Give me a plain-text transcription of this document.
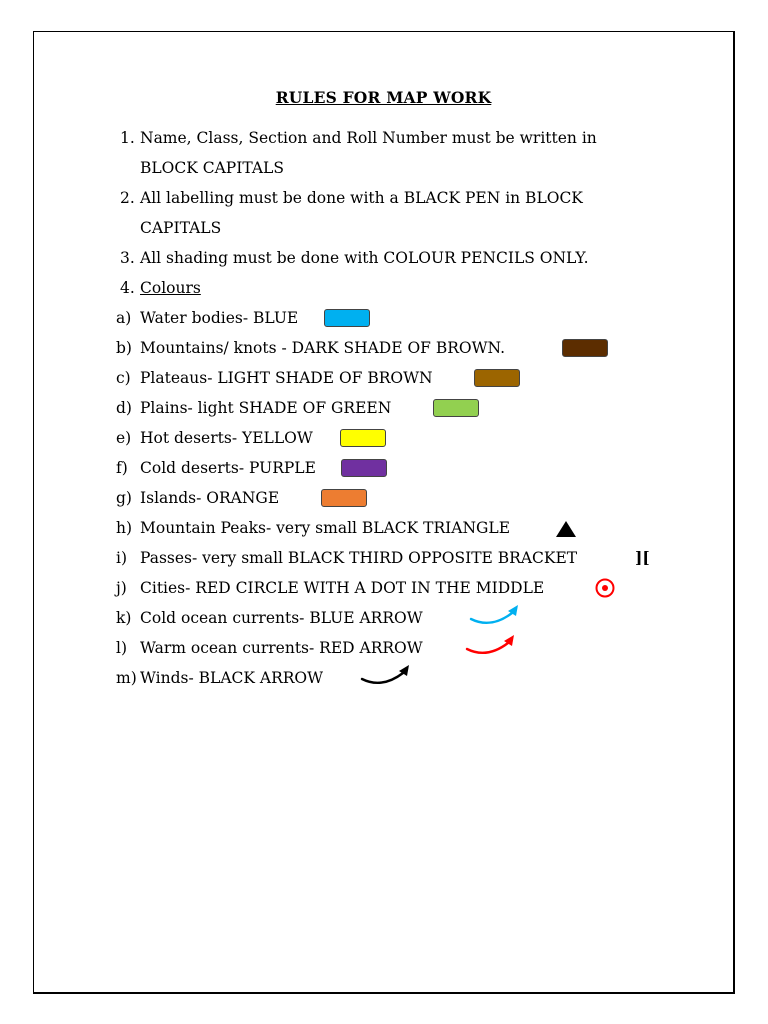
RULES FOR MAP WORK
1. Name, Class, Section and Roll Number must be written in
BLOCK CAPITALS
2. All labelling must be done with a BLACK PEN in BLOCK
CAPITALS
3. All shading must be done with COLOUR PENCILS ONLY.
4. Colours
a) Water bodies- BLUE
b) Mountains/ knots - DARK SHADE OF BROWN.
c) Plateaus- LIGHT SHADE OF BROWN
d) Plains- light SHADE OF GREEN
e) Hot deserts- YELLOW
f) Cold deserts- PURPLE
g) Islands- ORANGE
h) Mountain Peaks- very small BLACK TRIANGLE
i) Passes- very small BLACK THIRD OPPOSITE BRACKET	][
j) Cities- RED CIRCLE WITH A DOT IN THE MIDDLE
k) Cold ocean currents- BLUE ARROW
l) Warm ocean currents- RED ARROW
m) Winds- BLACK ARROW
